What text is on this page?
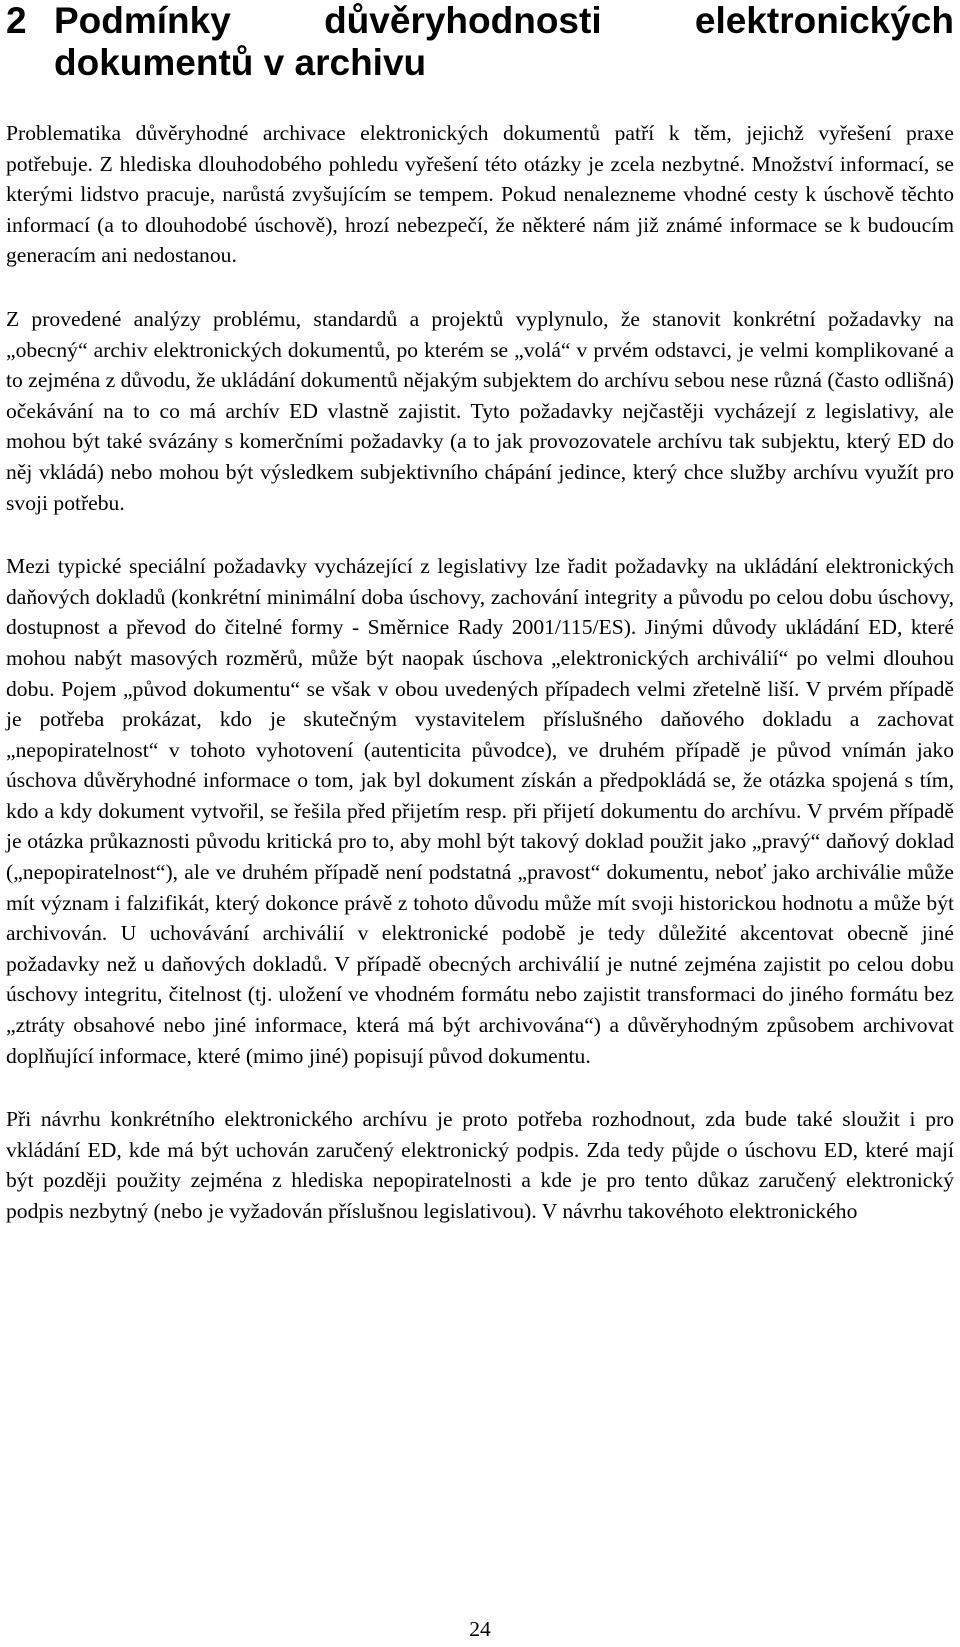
2 Podmínky důvěryhodnosti elektronických dokumentů v archivu

Problematika důvěryhodné archivace elektronických dokumentů patří k těm, jejichž vyřešení praxe potřebuje. Z hlediska dlouhodobého pohledu vyřešení této otázky je zcela nezbytné. Množství informací, se kterými lidstvo pracuje, narůstá zvyšujícím se tempem. Pokud nenalezneme vhodné cesty k úschově těchto informací (a to dlouhodobé úschově), hrozí nebezpečí, že některé nám již známé informace se k budoucím generacím ani nedostanou.

Z provedené analýzy problému, standardů a projektů vyplynulo, že stanovit konkrétní požadavky na „obecný“ archiv elektronických dokumentů, po kterém se „volá“ v prvém odstavci, je velmi komplikované a to zejména z důvodu, že ukládání dokumentů nějakým subjektem do archívu sebou nese různá (často odlišná) očekávání na to co má archív ED vlastně zajistit. Tyto požadavky nejčastěji vycházejí z legislativy, ale mohou být také svázány s komerčními požadavky (a to jak provozovatele archívu tak subjektu, který ED do něj vkládá) nebo mohou být výsledkem subjektivního chápání jedince, který chce služby archívu využít pro svoji potřebu.

Mezi typické speciální požadavky vycházející z legislativy lze řadit požadavky na ukládání elektronických daňových dokladů (konkrétní minimální doba úschovy, zachování integrity a původu po celou dobu úschovy, dostupnost a převod do čitelné formy - Směrnice Rady 2001/115/ES). Jinými důvody ukládání ED, které mohou nabýt masových rozměrů, může být naopak úschova „elektronických archiválií“ po velmi dlouhou dobu. Pojem „původ dokumentu“ se však v obou uvedených případech velmi zřetelně liší. V prvém případě je potřeba prokázat, kdo je skutečným vystavitelem příslušného daňového dokladu a zachovat „nepopiratelnost“ v tohoto vyhotovení (autenticita původce), ve druhém případě je původ vnímán jako úschova důvěryhodné informace o tom, jak byl dokument získán a předpokládá se, že otázka spojená s tím, kdo a kdy dokument vytvořil, se řešila před přijetím resp. při přijetí dokumentu do archívu. V prvém případě je otázka průkaznosti původu kritická pro to, aby mohl být takový doklad použit jako „pravý“ daňový doklad („nepopiratelnost“), ale ve druhém případě není podstatná „pravost“ dokumentu, neboť jako archiválie může mít význam i falzifikát, který dokonce právě z tohoto důvodu může mít svoji historickou hodnotu a může být archivován. U uchovávání archiválií v elektronické podobě je tedy důležité akcentovat obecně jiné požadavky než u daňových dokladů. V případě obecných archiválií je nutné zejména zajistit po celou dobu úschovy integritu, čitelnost (tj. uložení ve vhodném formátu nebo zajistit transformaci do jiného formátu bez „ztráty obsahové nebo jiné informace, která má být archivována“) a důvěryhodným způsobem archivovat doplňující informace, které (mimo jiné) popisují původ dokumentu.

Při návrhu konkrétního elektronického archívu je proto potřeba rozhodnout, zda bude také sloužit i pro vkládání ED, kde má být uchován zaručený elektronický podpis. Zda tedy půjde o úschovu ED, které mají být později použity zejména z hlediska nepopiratelnosti a kde je pro tento důkaz zaručený elektronický podpis nezbytný (nebo je vyžadován příslušnou legislativou). V návrhu takovéhoto elektronického

24
